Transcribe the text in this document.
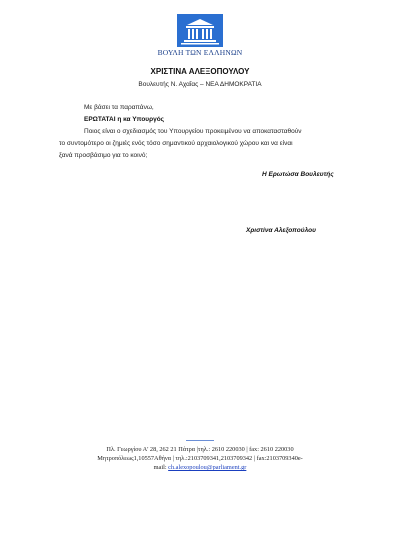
ΒΟΥΛΗ ΤΩΝ ΕΛΛΗΝΩΝ
ΧΡΙΣΤΙΝΑ ΑΛΕΞΟΠΟΥΛΟΥ
Βουλευτής Ν. Αχαΐας – ΝΕΑ ΔΗΜΟΚΡΑΤΙΑ
Με βάσει τα παραπάνω,
ΕΡΩΤΑΤΑΙ η κα Υπουργός
Ποιος είναι ο σχεδιασμός του Υπουργείου προκειμένου να αποκατασταθούν
το συντομότερο οι ζημιές ενός τόσο σημαντικού αρχαιολογικού χώρου και να είναι
ξανά προσβάσιμο για το κοινό;
Η Ερωτώσα Βουλευτής
Χριστίνα Αλεξοπούλου
Πλ. Γεωργίου Α' 28, 262 21 Πάτρα |τηλ.: 2610 220030 | fax: 2610 220030
Μητροπόλεως1,10557Αθήνα | τηλ.:2103709341,2103709342 | fax:2103709340e-
mail: ch.alexopoulou@parliament.gr
